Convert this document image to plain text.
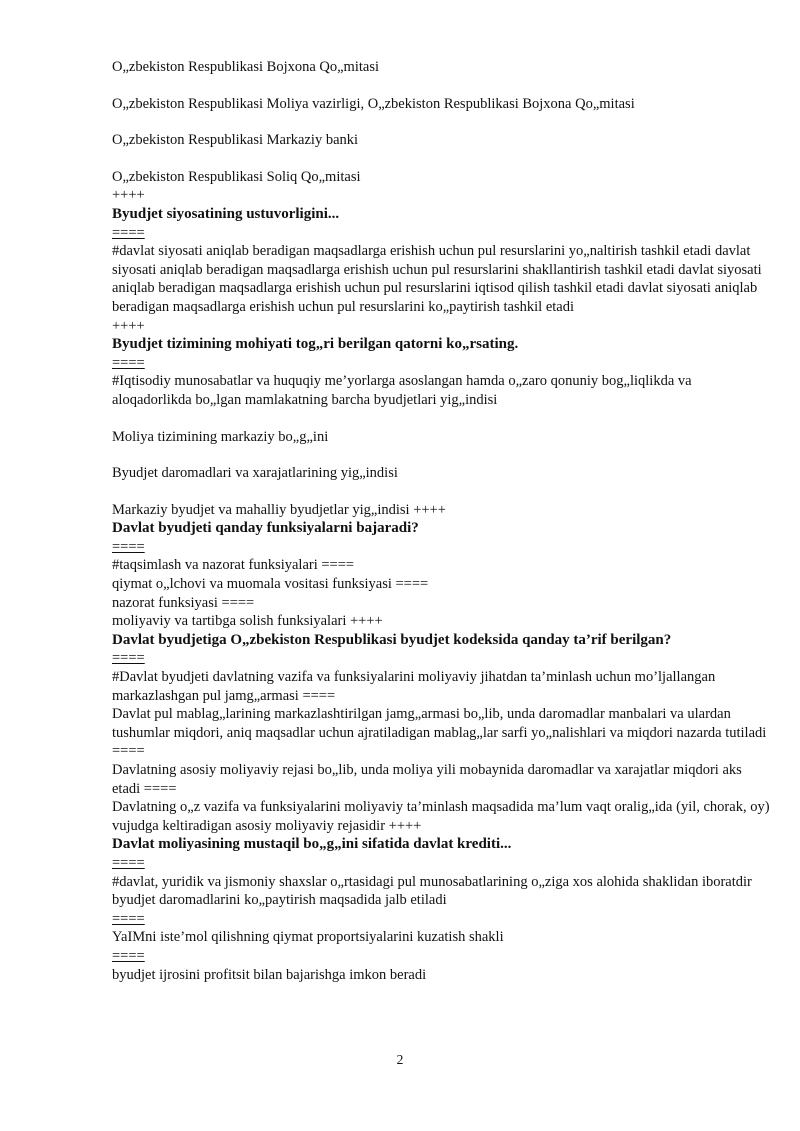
O„zbekiston Respublikasi Bojxona Qo„mitasi

O„zbekiston Respublikasi Moliya vazirligi, O„zbekiston Respublikasi Bojxona Qo„mitasi

O„zbekiston Respublikasi Markaziy banki

O„zbekiston Respublikasi Soliq Qo„mitasi

++++

Byudjet siyosatining ustuvorligini...

====

#davlat siyosati aniqlab beradigan maqsadlarga erishish uchun pul resurslarini yo„naltirish tashkil etadi davlat siyosati aniqlab beradigan maqsadlarga erishish uchun pul resurslarini shakllantirish tashkil etadi davlat siyosati aniqlab beradigan maqsadlarga erishish uchun pul resurslarini iqtisod qilish tashkil etadi davlat siyosati aniqlab beradigan maqsadlarga erishish uchun pul resurslarini ko„paytirish tashkil etadi

++++

Byudjet tizimining mohiyati tog„ri berilgan qatorni ko„rsating.

====

#Iqtisodiy munosabatlar va huquqiy me’yorlarga asoslangan hamda o„zaro qonuniy bog„liqlikda va aloqadorlikda bo„lgan mamlakatning barcha byudjetlari yig„indisi

Moliya tizimining markaziy bo„g„ini

Byudjet daromadlari va xarajatlarining yig„indisi

Markaziy byudjet va mahalliy byudjetlar yig„indisi ++++

Davlat byudjeti qanday funksiyalarni bajaradi?

====

#taqsimlash va nazorat funksiyalari ====

qiymat o„lchovi va muomala vositasi funksiyasi ====

nazorat funksiyasi ====

moliyaviy va tartibga solish funksiyalari ++++

Davlat byudjetiga O„zbekiston Respublikasi byudjet kodeksida qanday ta’rif berilgan?

====

#Davlat byudjeti davlatning vazifa va funksiyalarini moliyaviy jihatdan ta’minlash uchun mo’ljallangan markazlashgan pul jamg„armasi ====

Davlat pul mablag„larining markazlashtirilgan jamg„armasi bo„lib, unda daromadlar manbalari va ulardan tushumlar miqdori, aniq maqsadlar uchun ajratiladigan mablag„lar sarfi yo„nalishlari va miqdori nazarda tutiladi ====

Davlatning asosiy moliyaviy rejasi bo„lib, unda moliya yili mobaynida daromadlar va xarajatlar miqdori aks etadi ====

Davlatning o„z vazifa va funksiyalarini moliyaviy ta’minlash maqsadida ma’lum vaqt oralig„ida (yil, chorak, oy) vujudga keltiradigan asosiy moliyaviy rejasidir ++++

Davlat moliyasining mustaqil bo„g„ini sifatida davlat krediti...

====

#davlat, yuridik va jismoniy shaxslar o„rtasidagi pul munosabatlarining o„ziga xos alohida shaklidan iboratdir byudjet daromadlarini ko„paytirish maqsadida jalb etiladi

====

YaIMni iste’mol qilishning qiymat proportsiyalarini kuzatish shakli

====

byudjet ijrosini profitsit bilan bajarishga imkon beradi

2
